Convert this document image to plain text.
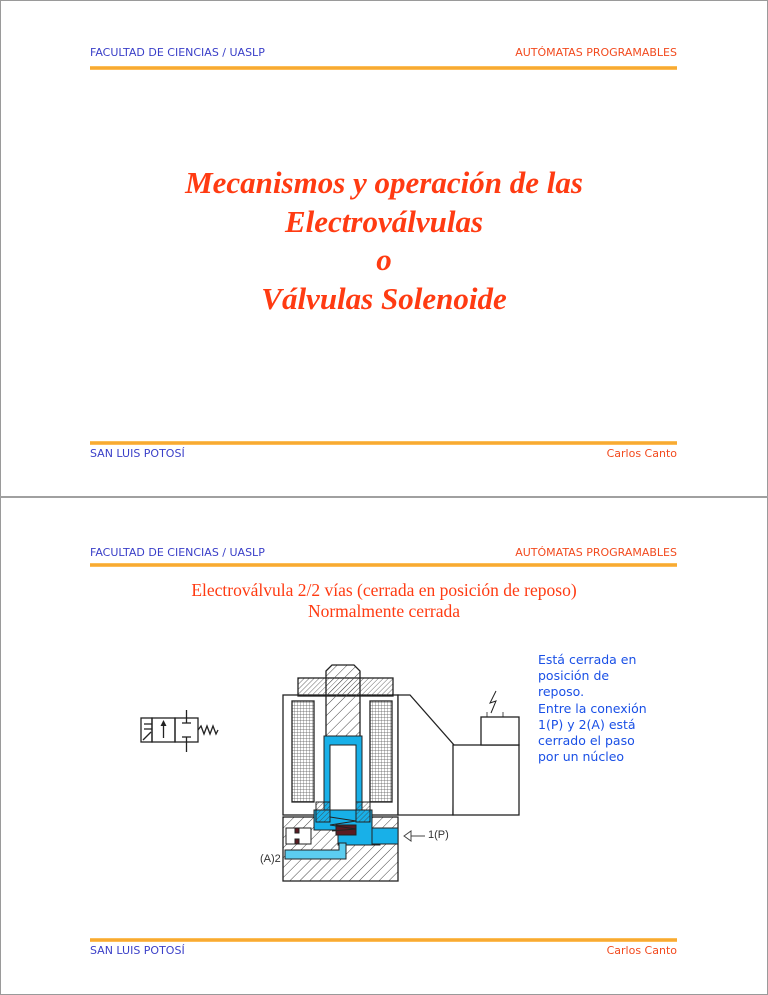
FACULTAD DE CIENCIAS / UASLP	AUTÓMATAS PROGRAMABLES
Mecanismos y operación de las
Electroválvulas
o
Válvulas Solenoide
SAN LUIS POTOSÍ	Carlos Canto
FACULTAD DE CIENCIAS / UASLP	AUTÓMATAS PROGRAMABLES
Electroválvula 2/2 vías (cerrada en posición de reposo)
Normalmente cerrada
1(P)
(A)2
Está cerrada en
posición de
reposo.
Entre la conexión
1(P) y 2(A) está
cerrado el paso
por un núcleo
SAN LUIS POTOSÍ	Carlos Canto
